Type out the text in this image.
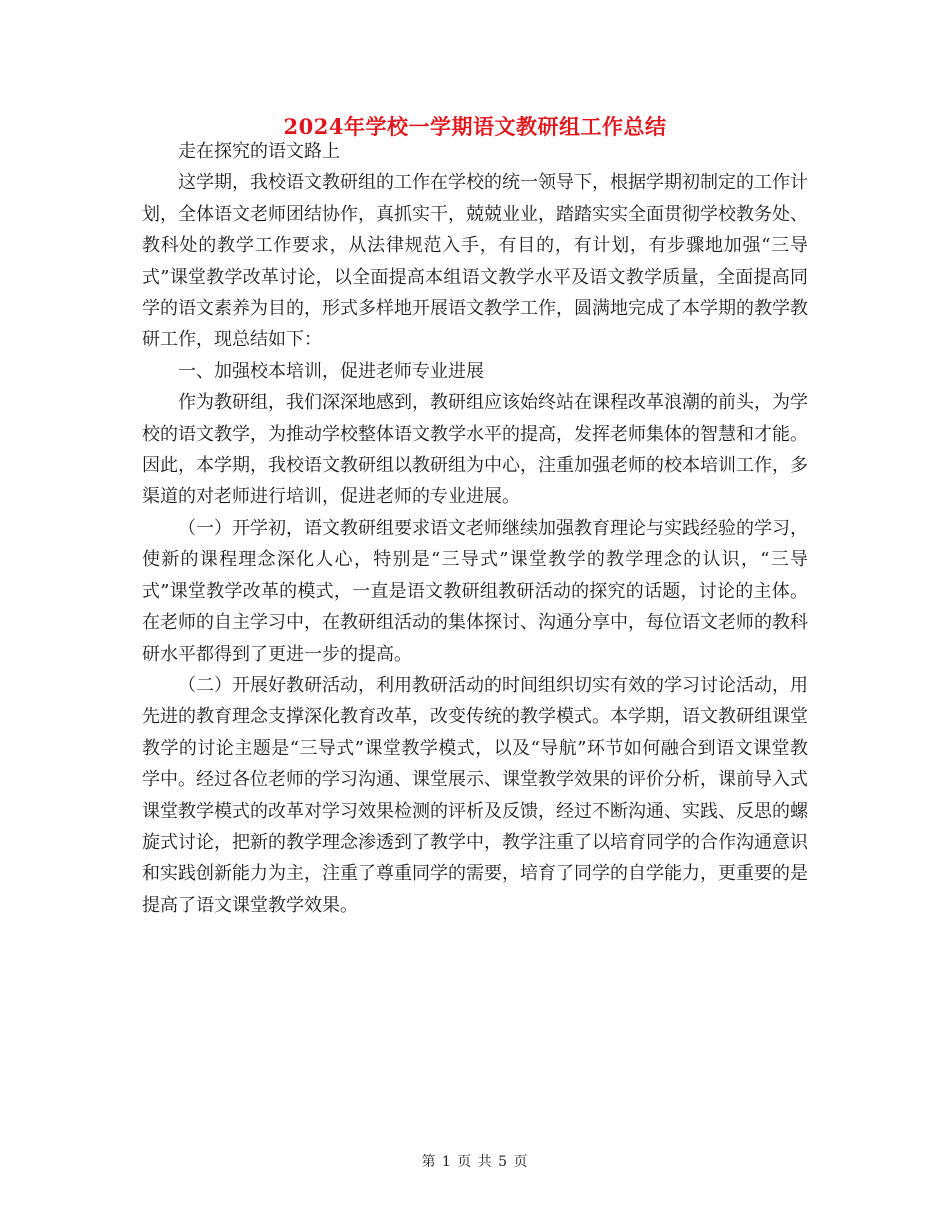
2024年学校一学期语文教研组工作总结

走在探究的语文路上

这学期，我校语文教研组的工作在学校的统一领导下，根据学期初制定的工作计划，全体语文老师团结协作，真抓实干，兢兢业业，踏踏实实全面贯彻学校教务处、教科处的教学工作要求，从法律规范入手，有目的，有计划，有步骤地加强“三导式”课堂教学改革讨论，以全面提高本组语文教学水平及语文教学质量，全面提高同学的语文素养为目的，形式多样地开展语文教学工作，圆满地完成了本学期的教学教研工作，现总结如下：

一、加强校本培训，促进老师专业进展

作为教研组，我们深深地感到，教研组应该始终站在课程改革浪潮的前头，为学校的语文教学，为推动学校整体语文教学水平的提高，发挥老师集体的智慧和才能。因此，本学期，我校语文教研组以教研组为中心，注重加强老师的校本培训工作，多渠道的对老师进行培训，促进老师的专业进展。

（一）开学初，语文教研组要求语文老师继续加强教育理论与实践经验的学习，使新的课程理念深化人心，特别是“三导式”课堂教学的教学理念的认识，“三导式”课堂教学改革的模式，一直是语文教研组教研活动的探究的话题，讨论的主体。在老师的自主学习中，在教研组活动的集体探讨、沟通分享中，每位语文老师的教科研水平都得到了更进一步的提高。

（二）开展好教研活动，利用教研活动的时间组织切实有效的学习讨论活动，用先进的教育理念支撑深化教育改革，改变传统的教学模式。本学期，语文教研组课堂教学的讨论主题是“三导式”课堂教学模式，以及“导航”环节如何融合到语文课堂教学中。经过各位老师的学习沟通、课堂展示、课堂教学效果的评价分析，课前导入式课堂教学模式的改革对学习效果检测的评析及反馈，经过不断沟通、实践、反思的螺旋式讨论，把新的教学理念渗透到了教学中，教学注重了以培育同学的合作沟通意识和实践创新能力为主，注重了尊重同学的需要，培育了同学的自学能力，更重要的是提高了语文课堂教学效果。

第 1 页 共 5 页
